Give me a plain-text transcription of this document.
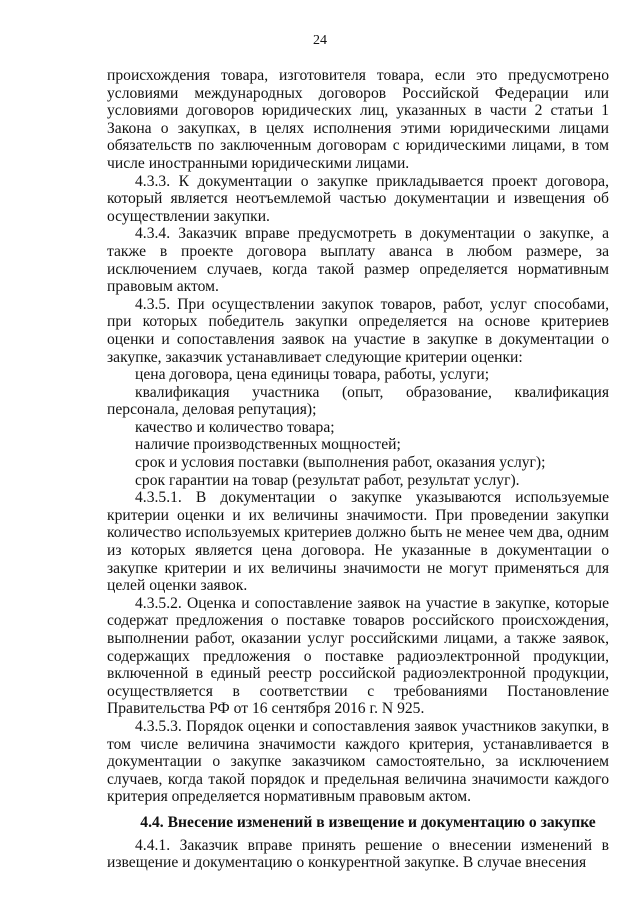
24

происхождения товара, изготовителя товара, если это предусмотрено условиями международных договоров Российской Федерации или условиями договоров юридических лиц, указанных в части 2 статьи 1 Закона о закупках, в целях исполнения этими юридическими лицами обязательств по заключенным договорам с юридическими лицами, в том числе иностранными юридическими лицами.

4.3.3. К документации о закупке прикладывается проект договора, который является неотъемлемой частью документации и извещения об осуществлении закупки.

4.3.4. Заказчик вправе предусмотреть в документации о закупке, а также в проекте договора выплату аванса в любом размере, за исключением случаев, когда такой размер определяется нормативным правовым актом.

4.3.5. При осуществлении закупок товаров, работ, услуг способами, при которых победитель закупки определяется на основе критериев оценки и сопоставления заявок на участие в закупке в документации о закупке, заказчик устанавливает следующие критерии оценки:

цена договора, цена единицы товара, работы, услуги;

квалификация участника (опыт, образование, квалификация персонала, деловая репутация);

качество и количество товара;

наличие производственных мощностей;

срок и условия поставки (выполнения работ, оказания услуг);

срок гарантии на товар (результат работ, результат услуг).

4.3.5.1. В документации о закупке указываются используемые критерии оценки и их величины значимости. При проведении закупки количество используемых критериев должно быть не менее чем два, одним из которых является цена договора. Не указанные в документации о закупке критерии и их величины значимости не могут применяться для целей оценки заявок.

4.3.5.2. Оценка и сопоставление заявок на участие в закупке, которые содержат предложения о поставке товаров российского происхождения, выполнении работ, оказании услуг российскими лицами, а также заявок, содержащих предложения о поставке радиоэлектронной продукции, включенной в единый реестр российской радиоэлектронной продукции, осуществляется в соответствии с требованиями Постановление Правительства РФ от 16 сентября 2016 г. N 925.

4.3.5.3. Порядок оценки и сопоставления заявок участников закупки, в том числе величина значимости каждого критерия, устанавливается в документации о закупке заказчиком самостоятельно, за исключением случаев, когда такой порядок и предельная величина значимости каждого критерия определяется нормативным правовым актом.

4.4. Внесение изменений в извещение и документацию о закупке

4.4.1. Заказчик вправе принять решение о внесении изменений в извещение и документацию о конкурентной закупке. В случае внесения
